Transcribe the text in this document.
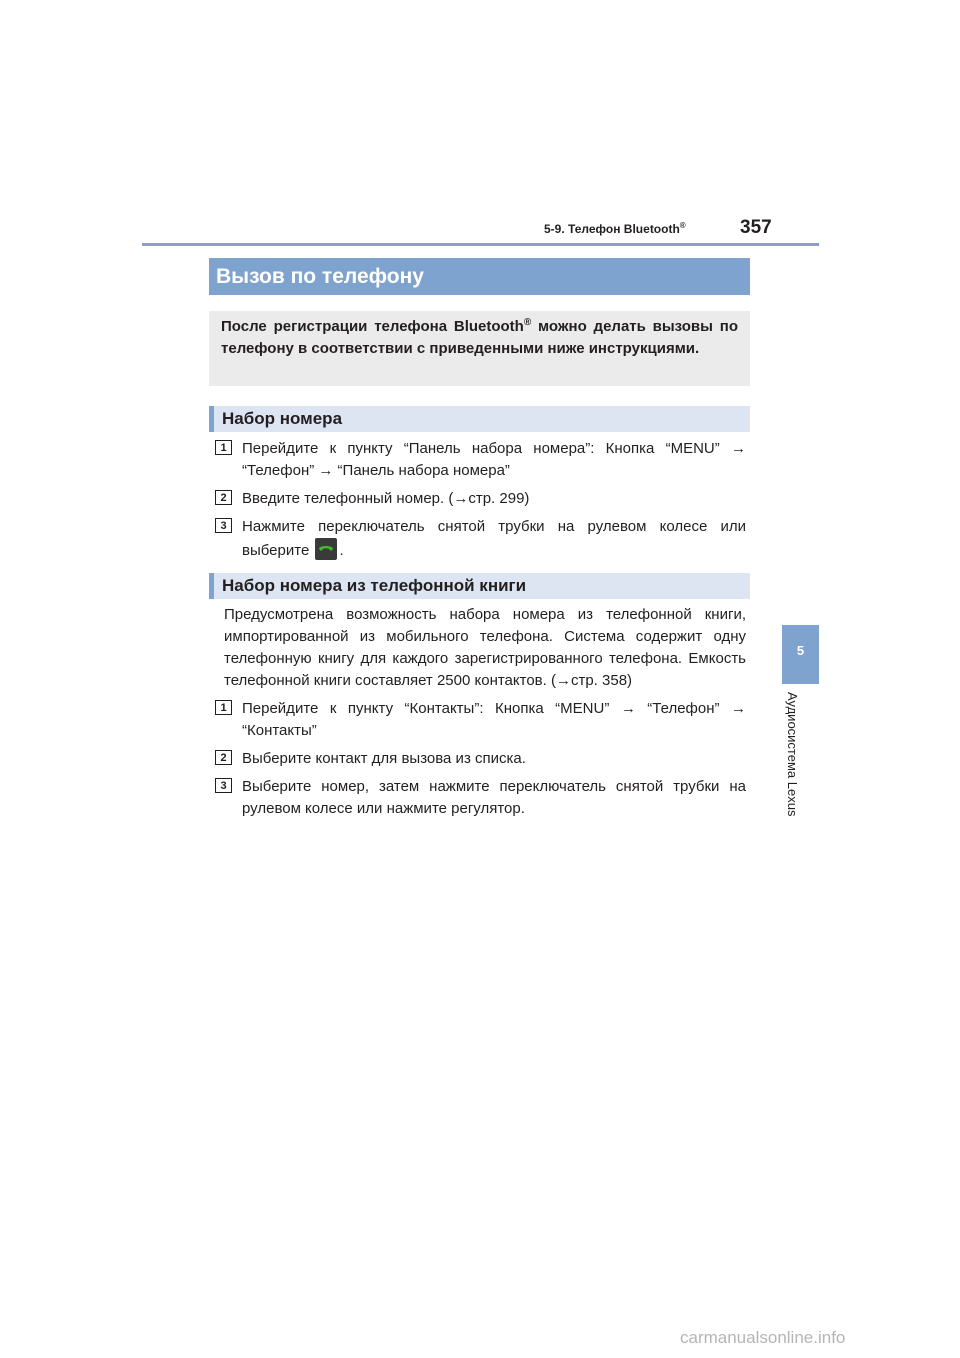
5-9. Телефон Bluetooth®	357
Вызов по телефону
После регистрации телефона Bluetooth® можно делать вызовы по телефону в соответствии с приведенными ниже инструкциями.
Набор номера
1	Перейдите к пункту “Панель набора номера”: Кнопка “MENU” → “Телефон” → “Панель набора номера”
2	Введите телефонный номер. (→стр. 299)
3	Нажмите переключатель снятой трубки на рулевом колесе или выберите .
Набор номера из телефонной книги
Предусмотрена возможность набора номера из телефонной книги, импортированной из мобильного телефона. Система содержит одну телефонную книгу для каждого зарегистрированного телефона. Емкость телефонной книги составляет 2500 контактов. (→стр. 358)
1	Перейдите к пункту “Контакты”: Кнопка “MENU” → “Телефон” → “Контакты”
2	Выберите контакт для вызова из списка.
3	Выберите номер, затем нажмите переключатель снятой трубки на рулевом колесе или нажмите регулятор.
5
Аудиосистема Lexus
carmanualsonline.info
